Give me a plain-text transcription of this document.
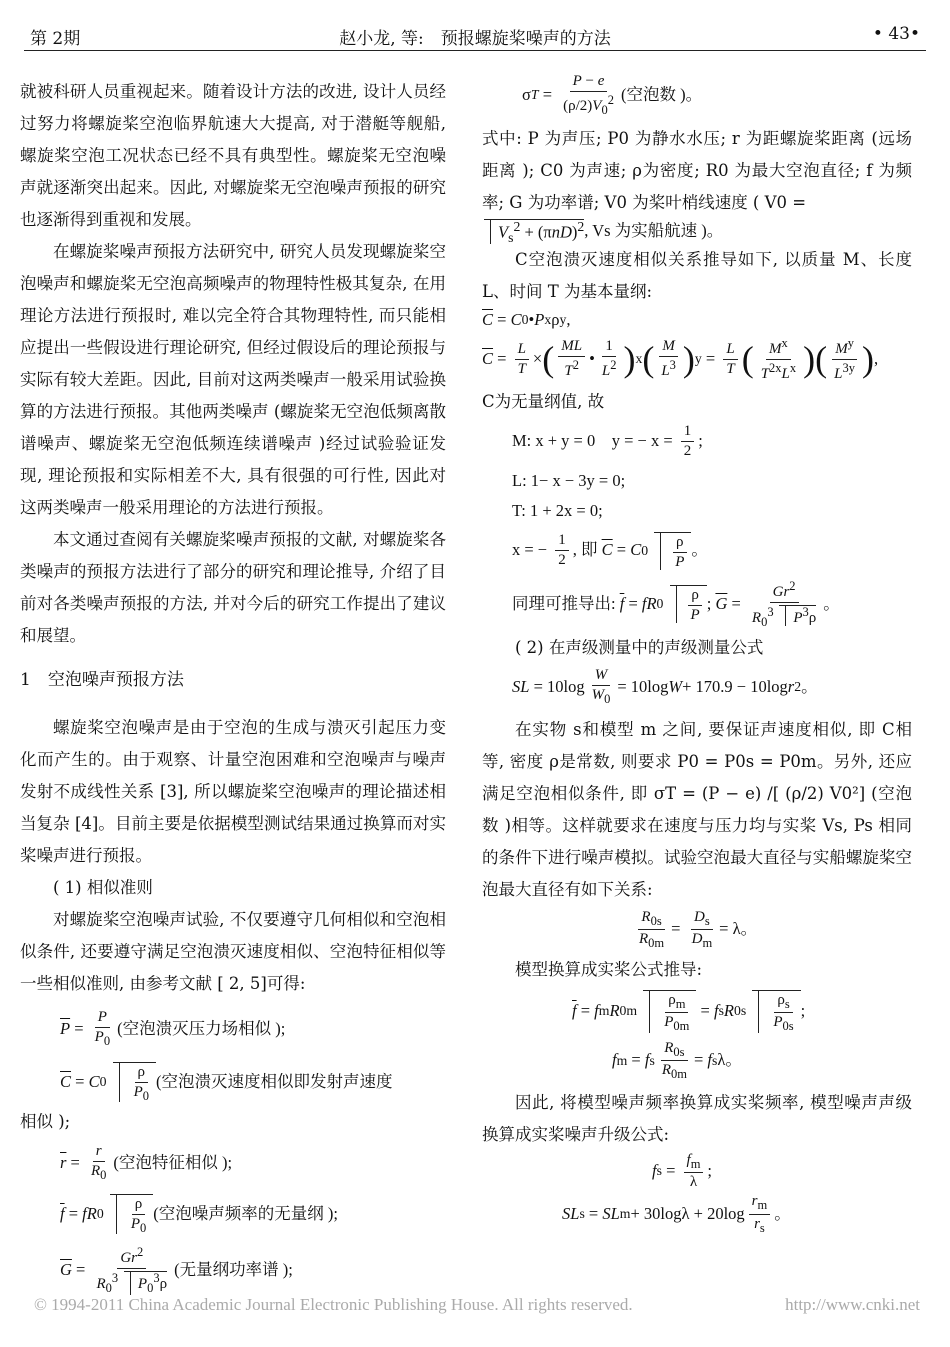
第 2期	赵小龙, 等:　预报螺旋桨噪声的方法	• 43•

就被科研人员重视起来。随着设计方法的改进, 设计人员经过努力将螺旋桨空泡临界航速大大提高, 对于潜艇等舰船, 螺旋桨空泡工况状态已经不具有典型性。螺旋桨无空泡噪声就逐渐突出起来。因此, 对螺旋桨无空泡噪声预报的研究也逐渐得到重视和发展。

在螺旋桨噪声预报方法研究中, 研究人员发现螺旋桨空泡噪声和螺旋桨无空泡高频噪声的物理特性极其复杂, 在用理论方法进行预报时, 难以完全符合其物理特性, 而只能相应提出一些假设进行理论研究, 但经过假设后的理论预报与实际有较大差距。因此, 目前对这两类噪声一般采用试验换算的方法进行预报。其他两类噪声 (螺旋桨无空泡低频离散谱噪声、螺旋桨无空泡低频连续谱噪声 )经过试验验证发现, 理论预报和实际相差不大, 具有很强的可行性, 因此对这两类噪声一般采用理论的方法进行预报。

本文通过查阅有关螺旋桨噪声预报的文献, 对螺旋桨各类噪声的预报方法进行了部分的研究和理论推导, 介绍了目前对各类噪声预报的方法, 并对今后的研究工作提出了建议和展望。

1　空泡噪声预报方法

螺旋桨空泡噪声是由于空泡的生成与溃灭引起压力变化而产生的。由于观察、计量空泡困难和空泡噪声与噪声发射不成线性关系 [3], 所以螺旋桨空泡噪声的理论描述相当复杂 [4]。目前主要是依据模型测试结果通过换算而对实桨噪声进行预报。

( 1) 相似准则

对螺旋桨空泡噪声试验, 不仅要遵守几何相似和空泡相似条件, 还要遵守满足空泡溃灭速度相似、空泡特征相似等一些相似准则, 由参考文献 [ 2, 5]可得:

$\overline{P}$ =
P
$P_0$
(空泡溃灭压力场相似 );
$\overline{C} = C$ 0
$\frac{\rho}{P_0}$ (空泡溃灭速度相似即发射声速度

相似 );

$\overline{r}$ =
r
$R_0$
(空泡特征相似 );
$\overline{f}$ = fR 0
$\frac{\rho}{P_0}$ (空泡噪声频率的无量纲 );
$\overline{G}$ =
Gr$^2$
$R_0^3$ $P_0^3\rho$
(无量纲功率谱 );
σ T =
P − e
$(\rho/2)V_0^2$ (空泡数 )。

式中: P 为声压; P0 为静水水压; r 为距螺旋桨距离 (远场距离 ); C0 为声速; ρ为密度; R0 为最大空泡直径; f 为频率; G 为功率谱; V0 为桨叶梢线速度 ( V0 =

$V_s^2 + (\pi nD)^2$ , Vs 为实船航速 )。

C空泡溃灭速度相似关系推导如下, 以质量 M、长度 L、时间 T 为基本量纲:

$\overline{C} = C$ 0 • P x ρ y ,
$\overline{C}$ =
L
T
× ( ML
$T^2$ •
1
$L^2$ ) x ( M
$L^3$ ) y =
L
T ( $M^x$
$T^{2x}L^x$ ) ( $M^y$
$L^{3y}$ ) ,

C为无量纲值, 故

M: x + y = 0　y = − x =
$\frac{1}{2}$ ;
L: 1− x − 3y = 0;
T: 1 + 2x = 0;
x = −
$\frac{1}{2}$ , 即
$\overline{C} = C$ 0
$\frac{\rho}{P}$ 。
同理可推导出:
$\overline{f}$ = fR 0
$\frac{\rho}{P}$ ; $\overline{G}$ =
Gr$^2$
$R_0^3$ $P^3\rho$
。

( 2) 在声级测量中的声级测量公式

SL = 10log
W
$W_0$
= 10log W + 170.9 − 10log r 2 。

在实物 s和模型 m 之间, 要保证声速度相似, 即 C相等, 密度 ρ是常数, 则要求 P0 = P0s = P0m。另外, 还应满足空泡相似条件, 即 σT = (P − e) /[ (ρ/2) V0²] (空泡数 )相等。这样就要求在速度与压力均与实桨 Vs, Ps 相同的条件下进行噪声模拟。试验空泡最大直径与实船螺旋桨空泡最大直径有如下关系:

$R_{0s}$
$R_{0m}$
=
$D_s$
$D_m$
= λ。

模型换算成实桨公式推导:

$\overline{f} = f$ m R 0m
$\frac{\rho_m}{P_{0m}} = f$ s R 0s
$\frac{\rho_s}{P_{0s}}$ ;
f m = f s
$R_{0s}$
$R_{0m}$
= f s λ。

因此, 将模型噪声频率换算成实桨频率, 模型噪声声级换算成实桨噪声升级公式:

f s =
$f_m$
λ
;
SL s = SL m + 30logλ + 20log
$r_m$
$r_s$
。
© 1994-2011 China Academic Journal Electronic Publishing House. All rights reserved.	http://www.cnki.net
